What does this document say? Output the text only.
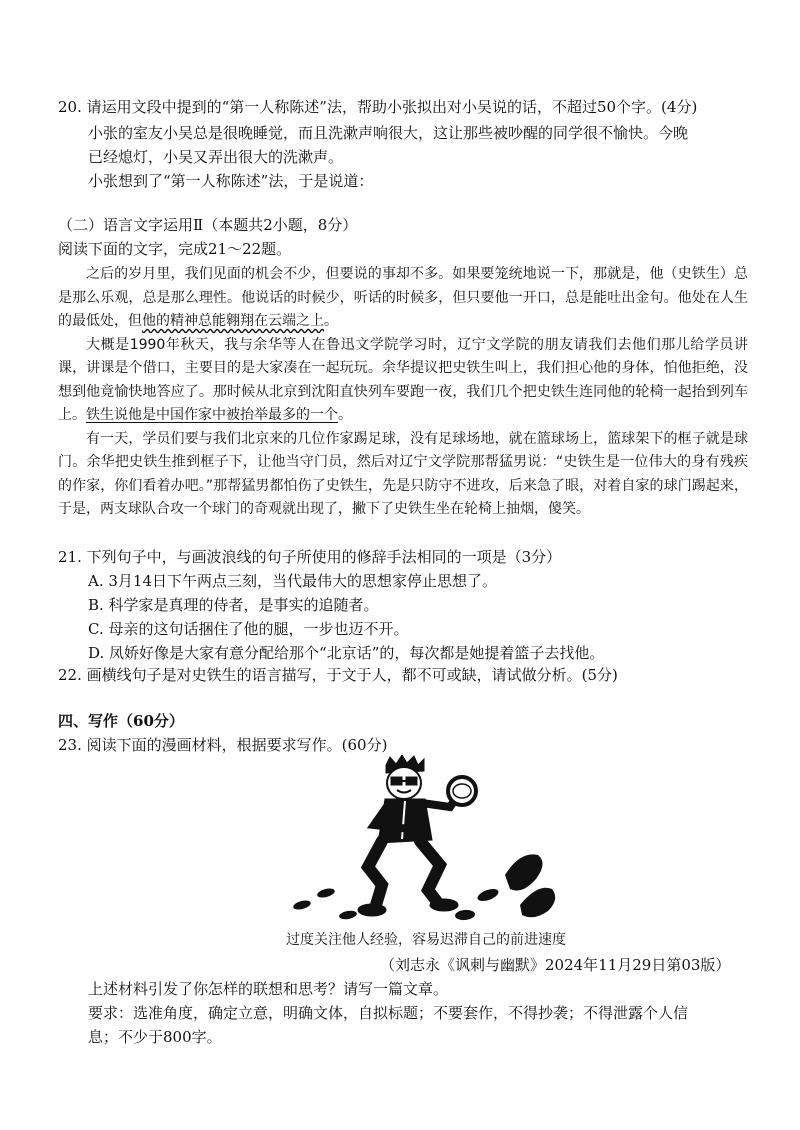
20. 请运用文段中提到的“第一人称陈述”法，帮助小张拟出对小吴说的话，不超过50个字。(4分)
小张的室友小吴总是很晚睡觉，而且洗漱声响很大，这让那些被吵醒的同学很不愉快。今晚
已经熄灯，小吴又弄出很大的洗漱声。
小张想到了“第一人称陈述”法，于是说道：
（二）语言文字运用Ⅱ（本题共2小题，8分）
阅读下面的文字，完成21～22题。

之后的岁月里，我们见面的机会不少，但要说的事却不多。如果要笼统地说一下，那就是，他（史铁生）总是那么乐观，总是那么理性。他说话的时候少，听话的时候多，但只要他一开口，总是能吐出金句。他处在人生的最低处，但他的精神总能翱翔在云端之上。

大概是1990年秋天，我与余华等人在鲁迅文学院学习时，辽宁文学院的朋友请我们去他们那儿给学员讲课，讲课是个借口，主要目的是大家凑在一起玩玩。余华提议把史铁生叫上，我们担心他的身体，怕他拒绝，没想到他竟愉快地答应了。那时候从北京到沈阳直快列车要跑一夜，我们几个把史铁生连同他的轮椅一起抬到列车上。铁生说他是中国作家中被抬举最多的一个。

有一天，学员们要与我们北京来的几位作家踢足球，没有足球场地，就在篮球场上，篮球架下的框子就是球门。余华把史铁生推到框子下，让他当守门员，然后对辽宁文学院那帮猛男说：“史铁生是一位伟大的身有残疾的作家，你们看着办吧。”那帮猛男都怕伤了史铁生，先是只防守不进攻，后来急了眼，对着自家的球门踢起来，于是，两支球队合攻一个球门的奇观就出现了，撇下了史铁生坐在轮椅上抽烟，傻笑。

21. 下列句子中，与画波浪线的句子所使用的修辞手法相同的一项是（3分）
A. 3月14日下午两点三刻，当代最伟大的思想家停止思想了。
B. 科学家是真理的侍者，是事实的追随者。
C. 母亲的这句话捆住了他的腿，一步也迈不开。
D. 凤娇好像是大家有意分配给那个“北京话”的，每次都是她提着篮子去找他。
22. 画横线句子是对史铁生的语言描写，于文于人，都不可或缺，请试做分析。(5分)
四、写作（60分）
23. 阅读下面的漫画材料，根据要求写作。(60分)
过度关注他人经验，容易迟滞自己的前进速度
（刘志永《讽刺与幽默》2024年11月29日第03版）
上述材料引发了你怎样的联想和思考？请写一篇文章。
要求：选准角度，确定立意，明确文体，自拟标题；不要套作，不得抄袭；不得泄露个人信
息；不少于800字。
